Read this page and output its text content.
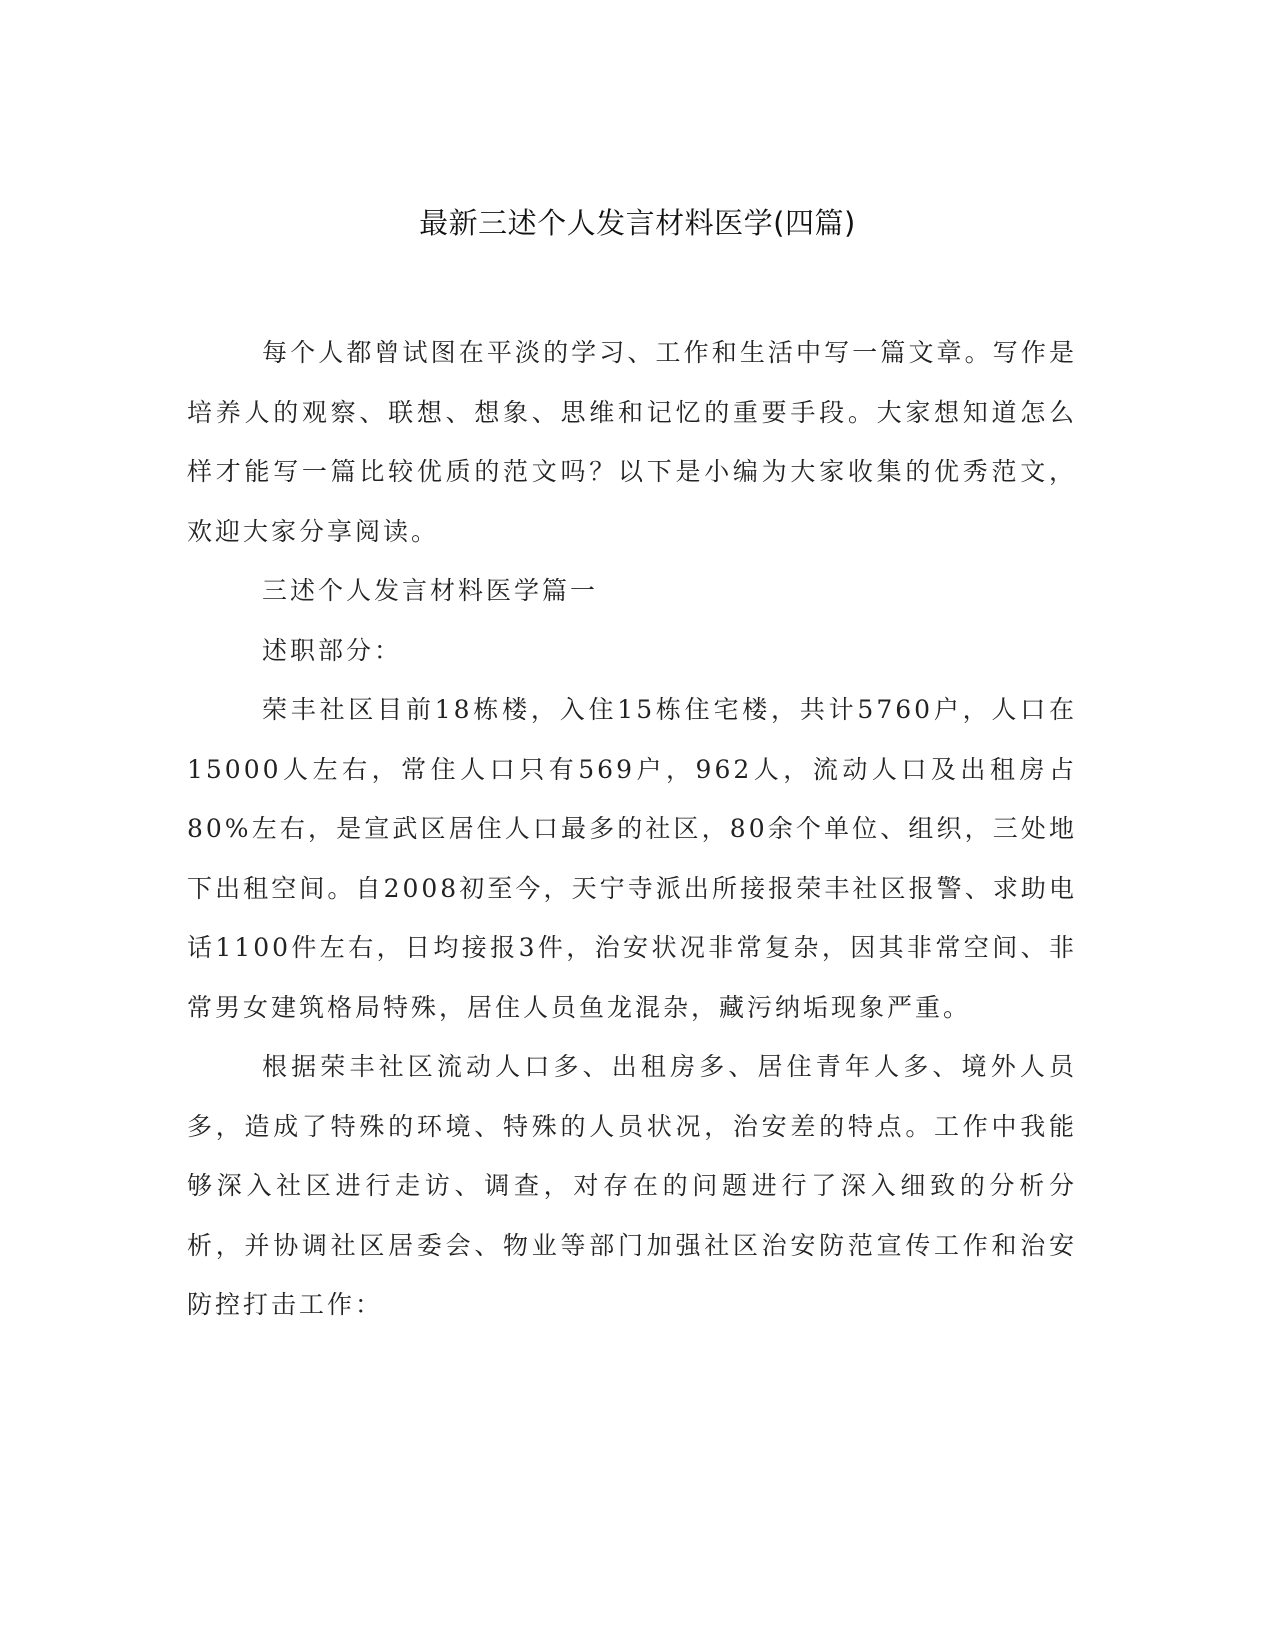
最新三述个人发言材料医学(四篇)

每个人都曾试图在平淡的学习、工作和生活中写一篇文章。写作是培养人的观察、联想、想象、思维和记忆的重要手段。大家想知道怎么样才能写一篇比较优质的范文吗？以下是小编为大家收集的优秀范文，欢迎大家分享阅读。

三述个人发言材料医学篇一

述职部分：

荣丰社区目前18栋楼，入住15栋住宅楼，共计5760户，人口在15000人左右，常住人口只有569户，962人，流动人口及出租房占80%左右，是宣武区居住人口最多的社区，80余个单位、组织，三处地下出租空间。自2008初至今，天宁寺派出所接报荣丰社区报警、求助电话1100件左右，日均接报3件，治安状况非常复杂，因其非常空间、非常男女建筑格局特殊，居住人员鱼龙混杂，藏污纳垢现象严重。

根据荣丰社区流动人口多、出租房多、居住青年人多、境外人员多，造成了特殊的环境、特殊的人员状况，治安差的特点。工作中我能够深入社区进行走访、调查，对存在的问题进行了深入细致的分析分析，并协调社区居委会、物业等部门加强社区治安防范宣传工作和治安防控打击工作：
